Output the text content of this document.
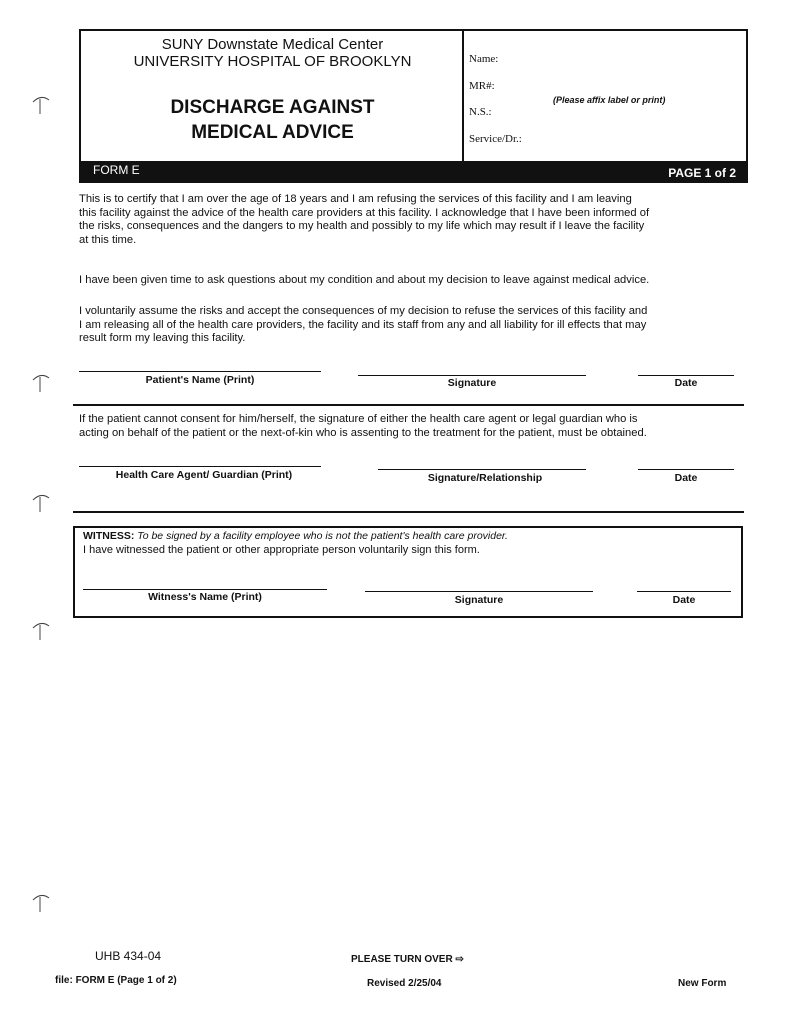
SUNY Downstate Medical Center
UNIVERSITY HOSPITAL OF BROOKLYN
DISCHARGE AGAINST
MEDICAL ADVICE
Name:
MR#:
(Please affix label or print)
N.S.:
Service/Dr.:
FORM E	PAGE 1 of 2
This is to certify that I am over the age of 18 years and I am refusing the services of this facility and I am leaving
this facility against the advice of the health care providers at this facility. I acknowledge that I have been informed of
the risks, consequences and the dangers to my health and possibly to my life which may result if I leave the facility
at this time.
I have been given time to ask questions about my condition and about my decision to leave against medical advice.
I voluntarily assume the risks and accept the consequences of my decision to refuse the services of this facility and
I am releasing all of the health care providers, the facility and its staff from any and all liability for ill effects that may
result form my leaving this facility.
Patient's Name (Print)	Signature	Date
If the patient cannot consent for him/herself, the signature of either the health care agent or legal guardian who is
acting on behalf of the patient or the next-of-kin who is assenting to the treatment for the patient, must be obtained.
Health Care Agent/ Guardian (Print)	Signature/Relationship	Date
WITNESS: To be signed by a facility employee who is not the patient's health care provider.
I have witnessed the patient or other appropriate person voluntarily sign this form.
Witness's Name (Print)	Signature	Date
UHB 434-04	PLEASE TURN OVER ⇨
file: FORM E (Page 1 of 2)	Revised 2/25/04	New Form
